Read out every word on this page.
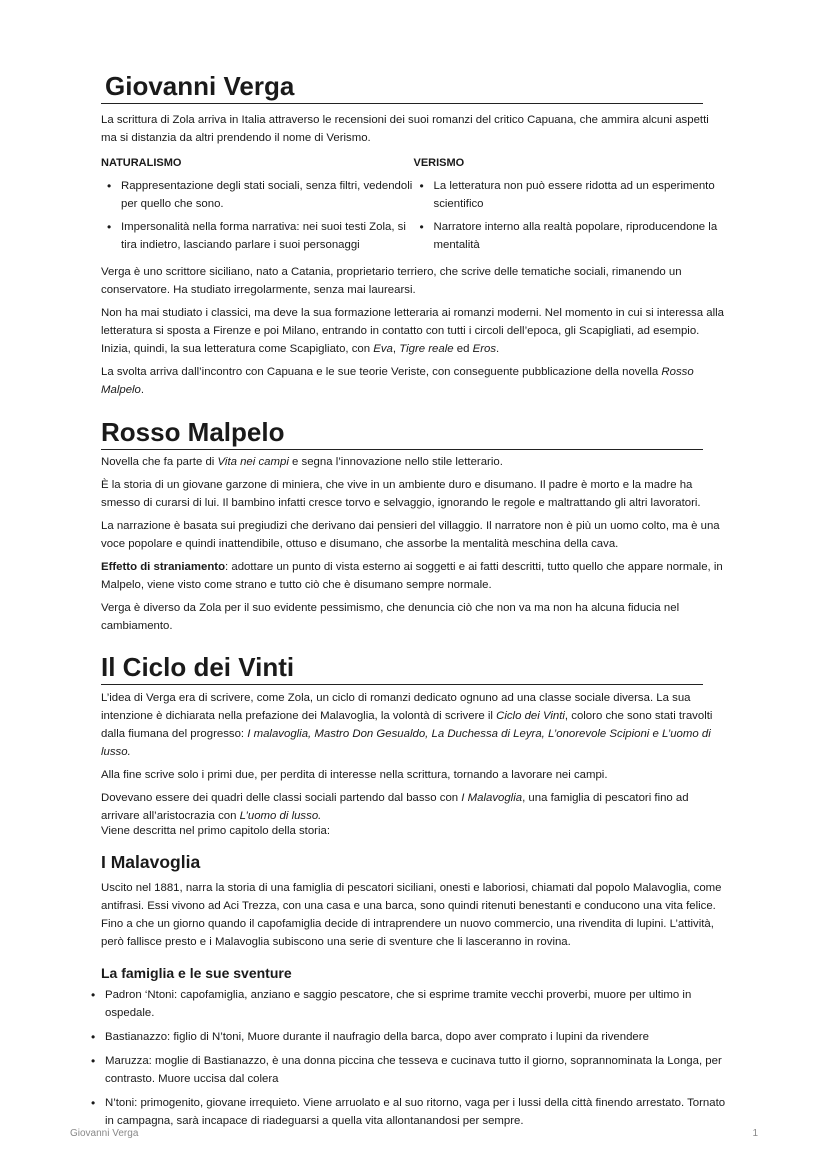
Giovanni Verga

La scrittura di Zola arriva in Italia attraverso le recensioni dei suoi romanzi del critico Capuana, che ammira alcuni aspetti ma si distanzia da altri prendendo il nome di Verismo.

NATURALISMO
• Rappresentazione degli stati sociali, senza filtri, vedendoli per quello che sono.
• Impersonalità nella forma narrativa: nei suoi testi Zola, si tira indietro, lasciando parlare i suoi personaggi
VERISMO
• La letteratura non può essere ridotta ad un esperimento scientifico
• Narratore interno alla realtà popolare, riproducendone la mentalità

Verga è uno scrittore siciliano, nato a Catania, proprietario terriero, che scrive delle tematiche sociali, rimanendo un conservatore. Ha studiato irregolarmente, senza mai laurearsi.

Non ha mai studiato i classici, ma deve la sua formazione letteraria ai romanzi moderni. Nel momento in cui si interessa alla letteratura si sposta a Firenze e poi Milano, entrando in contatto con tutti i circoli dell’epoca, gli Scapigliati, ad esempio. Inizia, quindi, la sua letteratura come Scapigliato, con Eva, Tigre reale ed Eros.

La svolta arriva dall’incontro con Capuana e le sue teorie Veriste, con conseguente pubblicazione della novella Rosso Malpelo.

Rosso Malpelo

Novella che fa parte di Vita nei campi e segna l’innovazione nello stile letterario.

È la storia di un giovane garzone di miniera, che vive in un ambiente duro e disumano. Il padre è morto e la madre ha smesso di curarsi di lui. Il bambino infatti cresce torvo e selvaggio, ignorando le regole e maltrattando gli altri lavoratori.

La narrazione è basata sui pregiudizi che derivano dai pensieri del villaggio. Il narratore non è più un uomo colto, ma è una voce popolare e quindi inattendibile, ottuso e disumano, che assorbe la mentalità meschina della cava.

Effetto di straniamento: adottare un punto di vista esterno ai soggetti e ai fatti descritti, tutto quello che appare normale, in Malpelo, viene visto come strano e tutto ciò che è disumano sempre normale.

Verga è diverso da Zola per il suo evidente pessimismo, che denuncia ciò che non va ma non ha alcuna fiducia nel cambiamento.

Il Ciclo dei Vinti

L’idea di Verga era di scrivere, come Zola, un ciclo di romanzi dedicato ognuno ad una classe sociale diversa. La sua intenzione è dichiarata nella prefazione dei Malavoglia, la volontà di scrivere il Ciclo dei Vinti, coloro che sono stati travolti dalla fiumana del progresso: I malavoglia, Mastro Don Gesualdo, La Duchessa di Leyra, L’onorevole Scipioni e L’uomo di lusso.

Alla fine scrive solo i primi due, per perdita di interesse nella scrittura, tornando a lavorare nei campi.

Dovevano essere dei quadri delle classi sociali partendo dal basso con I Malavoglia, una famiglia di pescatori fino ad arrivare all’aristocrazia con L’uomo di lusso.

Viene descritta nel primo capitolo della storia:

I Malavoglia

Uscito nel 1881, narra la storia di una famiglia di pescatori siciliani, onesti e laboriosi, chiamati dal popolo Malavoglia, come antifrasi. Essi vivono ad Aci Trezza, con una casa e una barca, sono quindi ritenuti benestanti e conducono una vita felice. Fino a che un giorno quando il capofamiglia decide di intraprendere un nuovo commercio, una rivendita di lupini. L’attività, però fallisce presto e i Malavoglia subiscono una serie di sventure che li lasceranno in rovina.

La famiglia e le sue sventure
• Padron ‘Ntoni: capofamiglia, anziano e saggio pescatore, che si esprime tramite vecchi proverbi, muore per ultimo in ospedale.
• Bastianazzo: figlio di N’toni, Muore durante il naufragio della barca, dopo aver comprato i lupini da rivendere
• Maruzza: moglie di Bastianazzo, è una donna piccina che tesseva e cucinava tutto il giorno, soprannominata la Longa, per contrasto. Muore uccisa dal colera
• N’toni: primogenito, giovane irrequieto. Viene arruolato e al suo ritorno, vaga per i lussi della città finendo arrestato. Tornato in campagna, sarà incapace di riadeguarsi a quella vita allontanandosi per sempre.
Giovanni Verga	1
